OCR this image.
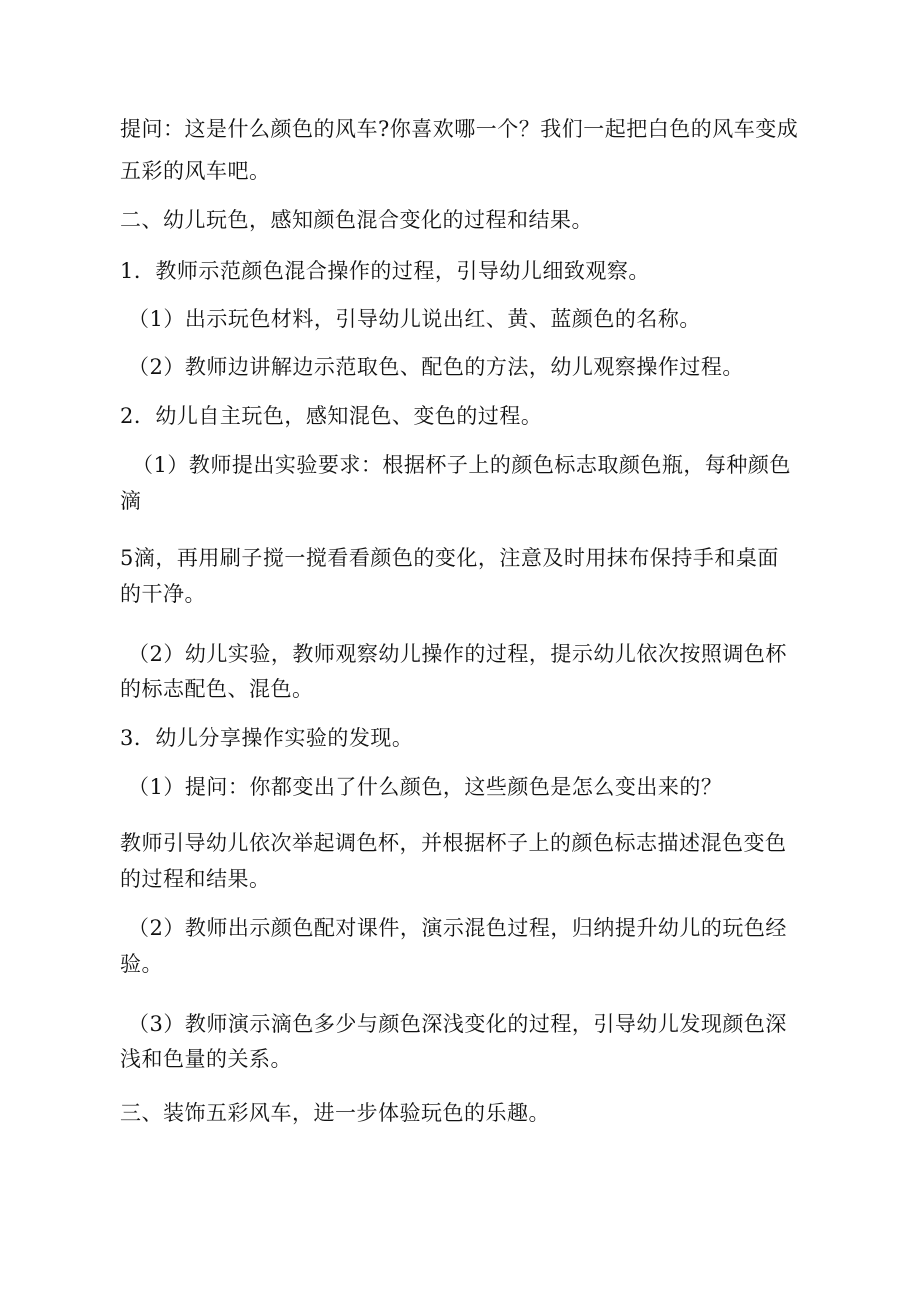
提问：这是什么颜色的风车?你喜欢哪一个？我们一起把白色的风车变成
五彩的风车吧。
二、幼儿玩色，感知颜色混合变化的过程和结果。
1．教师示范颜色混合操作的过程，引导幼儿细致观察。
（1）出示玩色材料，引导幼儿说出红、黄、蓝颜色的名称。
（2）教师边讲解边示范取色、配色的方法，幼儿观察操作过程。
2．幼儿自主玩色，感知混色、变色的过程。
（1）教师提出实验要求：根据杯子上的颜色标志取颜色瓶，每种颜色
滴
5滴，再用刷子搅一搅看看颜色的变化，注意及时用抹布保持手和桌面
的干净。
（2）幼儿实验，教师观察幼儿操作的过程，提示幼儿依次按照调色杯
的标志配色、混色。
3．幼儿分享操作实验的发现。
（1）提问：你都变出了什么颜色，这些颜色是怎么变出来的？
教师引导幼儿依次举起调色杯，并根据杯子上的颜色标志描述混色变色
的过程和结果。
（2）教师出示颜色配对课件，演示混色过程，归纳提升幼儿的玩色经
验。
（3）教师演示滴色多少与颜色深浅变化的过程，引导幼儿发现颜色深
浅和色量的关系。
三、装饰五彩风车，进一步体验玩色的乐趣。
